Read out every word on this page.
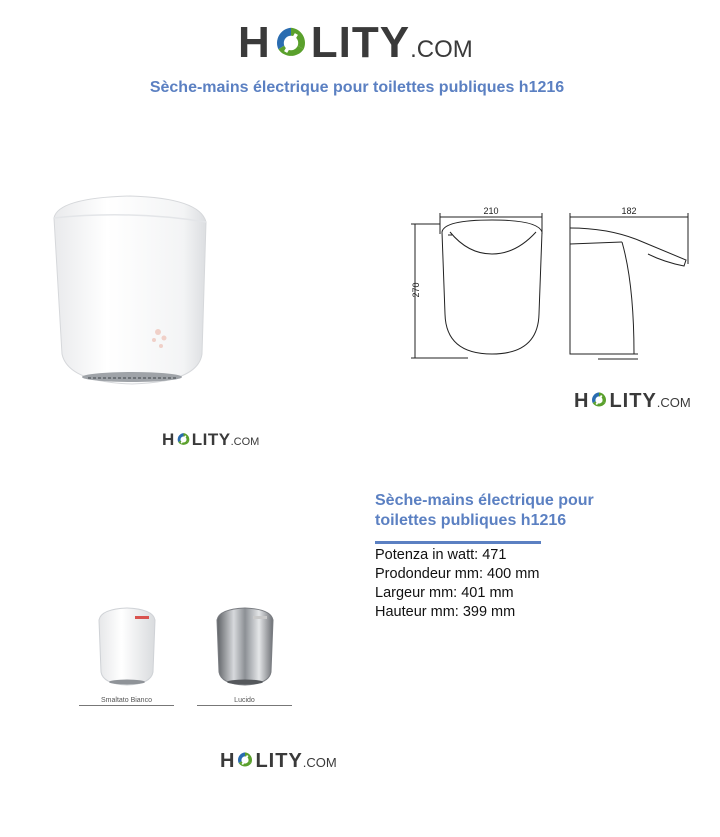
H LITY .COM
Sèche-mains électrique pour toilettes publiques h1216
H LITY .COM
210	182
270
H LITY .COM
Sèche-mains électrique pour toilettes publiques h1216
Potenza in watt: 471
Prodondeur mm: 400 mm
Largeur mm: 401 mm
Hauteur mm: 399 mm
Smaltato Bianco	Lucido
H LITY .COM
